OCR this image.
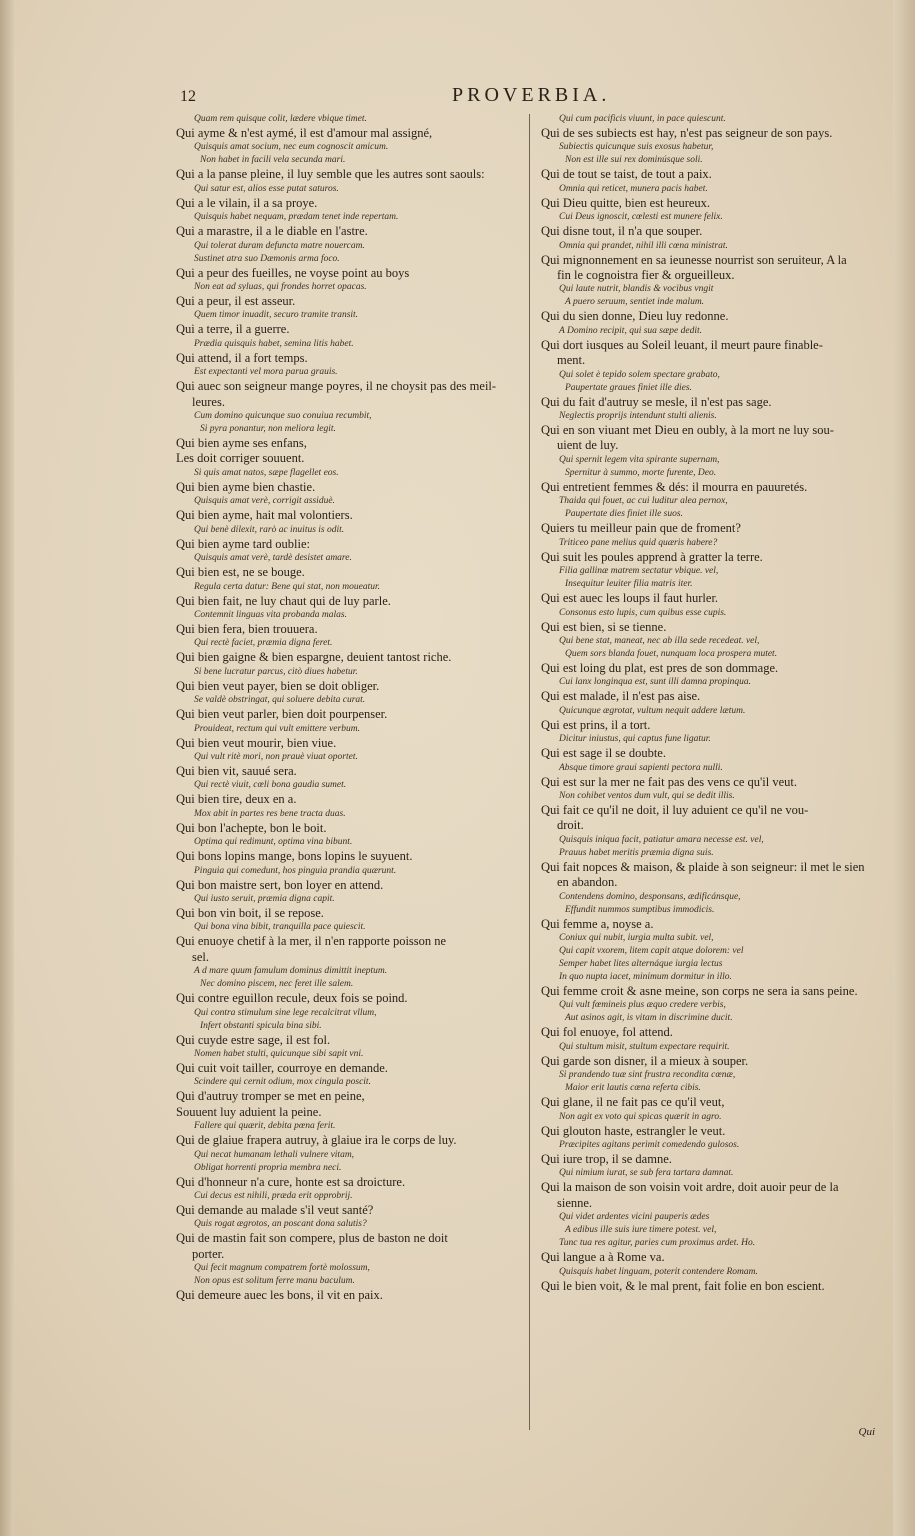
12	PROVERBIA.
Quam rem quisque colit, lædere vbique timet.
Qui ayme & n'est aymé, il est d'amour mal assigné,
Quisquis amat socium, nec eum cognoscit amicum.
Non habet in facili vela secunda mari.
Qui a la panse pleine, il luy semble que les autres sont saouls:
Qui satur est, alios esse putat saturos.
Qui a le vilain, il a sa proye.
Quisquis habet nequam, prædam tenet inde repertam.
Qui a marastre, il a le diable en l'astre.
Qui tolerat duram defuncta matre nouercam.
Sustinet atra suo Dæmonis arma foco.
Qui a peur des fueilles, ne voyse point au boys
Non eat ad syluas, qui frondes horret opacas.
Qui a peur, il est asseur.
Quem timor inuadit, securo tramite transit.
Qui a terre, il a guerre.
Prædia quisquis habet, semina litis habet.
Qui attend, il a fort temps.
Est expectanti vel mora parua grauis.
Qui auec son seigneur mange poyres, il ne choysit pas des meil-
leures.
Cum domino quicunque suo conuiua recumbit,
Si pyra ponantur, non meliora legit.
Qui bien ayme ses enfans,
Les doit corriger souuent.
Si quis amat natos, sæpe flagellet eos.
Qui bien ayme bien chastie.
Quisquis amat verè, corrigit assiduè.
Qui bien ayme, hait mal volontiers.
Qui benè dilexit, rarò ac inuitus is odit.
Qui bien ayme tard oublie:
Quisquis amat verè, tardè desistet amare.
Qui bien est, ne se bouge.
Regula certa datur: Bene qui stat, non moueatur.
Qui bien fait, ne luy chaut qui de luy parle.
Contemnit linguas vita probanda malas.
Qui bien fera, bien trouuera.
Qui rectè faciet, præmia digna feret.
Qui bien gaigne & bien espargne, deuient tantost riche.
Si bene lucratur parcus, citò diues habetur.
Qui bien veut payer, bien se doit obliger.
Se valdè obstringat, qui soluere debita curat.
Qui bien veut parler, bien doit pourpenser.
Prouideat, rectum qui vult emittere verbum.
Qui bien veut mourir, bien viue.
Qui vult ritè mori, non prauè viuat oportet.
Qui bien vit, sauué sera.
Qui rectè viuit, cœli bona gaudia sumet.
Qui bien tire, deux en a.
Mox abit in partes res bene tracta duas.
Qui bon l'achepte, bon le boit.
Optima qui redimunt, optima vina bibunt.
Qui bons lopins mange, bons lopins le suyuent.
Pinguia qui comedunt, hos pinguia prandia quærunt.
Qui bon maistre sert, bon loyer en attend.
Qui iusto seruit, præmia digna capit.
Qui bon vin boit, il se repose.
Qui bona vina bibit, tranquilla pace quiescit.
Qui enuoye chetif à la mer, il n'en rapporte poisson ne
sel.
A d mare quum famulum dominus dimittit ineptum.
Nec domino piscem, nec feret ille salem.
Qui contre eguillon recule, deux fois se poind.
Qui contra stimulum sine lege recalcitrat vllum,
Infert obstanti spicula bina sibi.
Qui cuyde estre sage, il est fol.
Nomen habet stulti, quicunque sibi sapit vni.
Qui cuit voit tailler, courroye en demande.
Scindere qui cernit odium, mox cingula poscit.
Qui d'autruy tromper se met en peine,
Souuent luy aduient la peine.
Fallere qui quærit, debita pœna ferit.
Qui de glaiue frapera autruy, à glaiue ira le corps de luy.
Qui necat humanam lethali vulnere vitam,
Obligat horrenti propria membra neci.
Qui d'honneur n'a cure, honte est sa droicture.
Cui decus est nihili, præda erit opprobrij.
Qui demande au malade s'il veut santé?
Quis rogat ægrotos, an poscant dona salutis?
Qui de mastin fait son compere, plus de baston ne doit
porter.
Qui fecit magnum compatrem fortè molossum,
Non opus est solitum ferre manu baculum.
Qui demeure auec les bons, il vit en paix.
Qui cum pacificis viuunt, in pace quiescunt.
Qui de ses subiects est hay, n'est pas seigneur de son pays.
Subiectis quicunque suis exosus habetur,
Non est ille sui rex dominúsque soli.
Qui de tout se taist, de tout a paix.
Omnia qui reticet, munera pacis habet.
Qui Dieu quitte, bien est heureux.
Cui Deus ignoscit, cœlesti est munere felix.
Qui disne tout, il n'a que souper.
Omnia qui prandet, nihil illi cœna ministrat.
Qui mignonnement en sa ieunesse nourrist son seruiteur, A la
fin le cognoistra fier & orgueilleux.
Qui laute nutrit, blandis & vocibus vngit
A puero seruum, sentiet inde malum.
Qui du sien donne, Dieu luy redonne.
A Domino recipit, qui sua sæpe dedit.
Qui dort iusques au Soleil leuant, il meurt paure finable-
ment.
Qui solet è tepido solem spectare grabato,
Paupertate graues finiet ille dies.
Qui du fait d'autruy se mesle, il n'est pas sage.
Neglectis proprijs intendunt stulti alienis.
Qui en son viuant met Dieu en oubly, à la mort ne luy sou-
uient de luy.
Qui spernit legem vita spirante supernam,
Spernitur à summo, morte furente, Deo.
Qui entretient femmes & dés: il mourra en pauuretés.
Thaida qui fouet, ac cui luditur alea pernox,
Paupertate dies finiet ille suos.
Quiers tu meilleur pain que de froment?
Triticeo pane melius quid quæris habere?
Qui suit les poules apprend à gratter la terre.
Filia gallinæ matrem sectatur vbique. vel,
Insequitur leuiter filia matris iter.
Qui est auec les loups il faut hurler.
Consonus esto lupis, cum quibus esse cupis.
Qui est bien, si se tienne.
Qui bene stat, maneat, nec ab illa sede recedeat. vel,
Quem sors blanda fouet, nunquam loca prospera mutet.
Qui est loing du plat, est pres de son dommage.
Cui lanx longinqua est, sunt illi damna propinqua.
Qui est malade, il n'est pas aise.
Quicunque ægrotat, vultum nequit addere lætum.
Qui est prins, il a tort.
Dicitur iniustus, qui captus fune ligatur.
Qui est sage il se doubte.
Absque timore graui sapienti pectora nulli.
Qui est sur la mer ne fait pas des vens ce qu'il veut.
Non cohibet ventos dum vult, qui se dedit illis.
Qui fait ce qu'il ne doit, il luy aduient ce qu'il ne vou-
droit.
Quisquis iniqua facit, patiatur amara necesse est. vel,
Prauus habet meritis præmia digna suis.
Qui fait nopces & maison, & plaide à son seigneur: il met le sien
en abandon.
Contendens domino, desponsans, ædificánsque,
Effundit nummos sumptibus immodicis.
Qui femme a, noyse a.
Coniux qui nubit, iurgia multa subit. vel,
Qui capit vxorem, litem capit atque dolorem: vel
Semper habet lites alternáque iurgia lectus
In quo nupta iacet, minimum dormitur in illo.
Qui femme croit & asne meine, son corps ne sera ia sans peine.
Qui vult fœmineis plus æquo credere verbis,
Aut asinos agit, is vitam in discrimine ducit.
Qui fol enuoye, fol attend.
Qui stultum misit, stultum expectare requirit.
Qui garde son disner, il a mieux à souper.
Si prandendo tuæ sint frustra recondita cœnæ,
Maior erit lautis cœna referta cibis.
Qui glane, il ne fait pas ce qu'il veut,
Non agit ex voto qui spicas quærit in agro.
Qui glouton haste, estrangler le veut.
Præcipites agitans perimit comedendo gulosos.
Qui iure trop, il se damne.
Qui nimium iurat, se sub fera tartara damnat.
Qui la maison de son voisin voit ardre, doit auoir peur de la
sienne.
Qui videt ardentes vicini pauperis ædes
A edibus ille suis iure timere potest. vel,
Tunc tua res agitur, paries cum proximus ardet. Ho.
Qui langue a à Rome va.
Quisquis habet linguam, poterit contendere Romam.
Qui le bien voit, & le mal prent, fait folie en bon escient.
Qui
